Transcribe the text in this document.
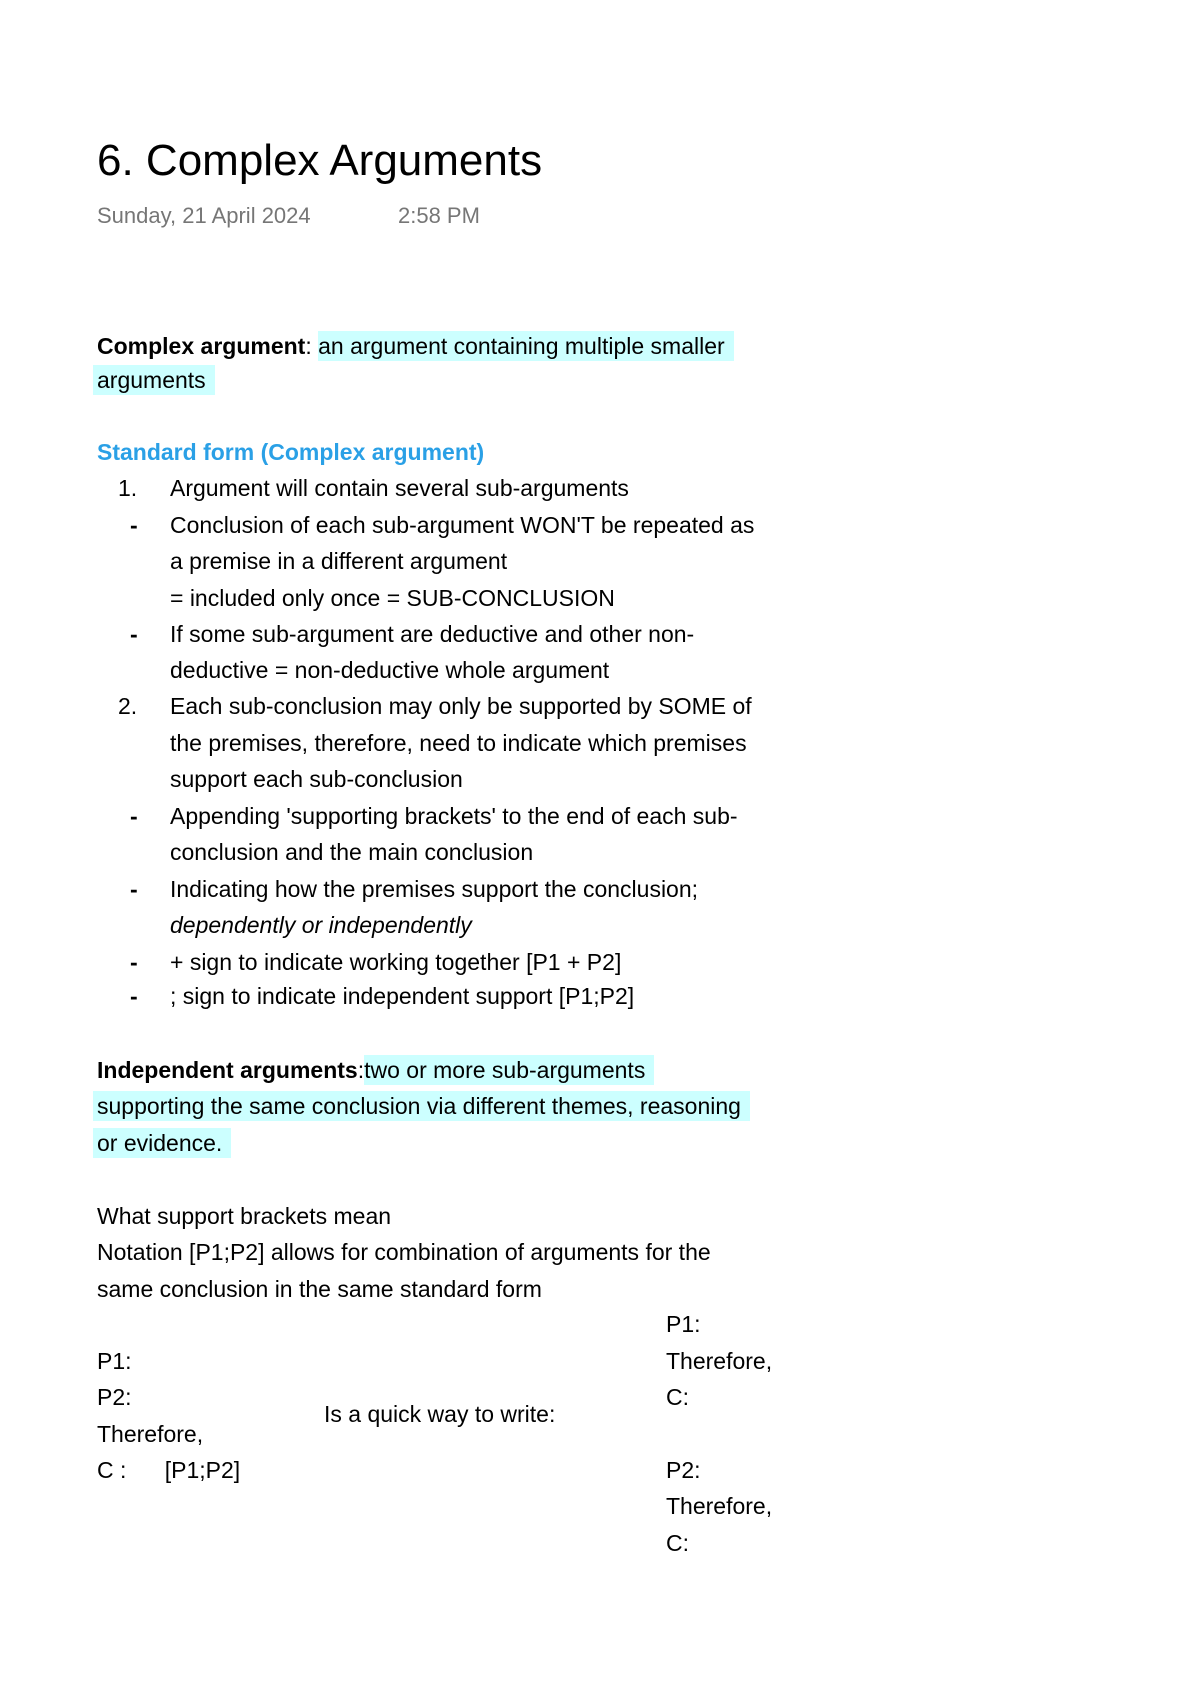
6. Complex Arguments
Sunday, 21 April 2024	2:58 PM
Complex argument: an argument containing multiple smaller
arguments
Standard form (Complex argument)
1. Argument will contain several sub-arguments
- Conclusion of each sub-argument WON'T be repeated as
a premise in a different argument
= included only once = SUB-CONCLUSION
- If some sub-argument are deductive and other non-
deductive = non-deductive whole argument
2. Each sub-conclusion may only be supported by SOME of
the premises, therefore, need to indicate which premises
support each sub-conclusion
- Appending 'supporting brackets' to the end of each sub-
conclusion and the main conclusion
- Indicating how the premises support the conclusion;
dependently or independently
- + sign to indicate working together [P1 + P2]
- ; sign to indicate independent support [P1;P2]
Independent arguments:two or more sub-arguments
supporting the same conclusion via different themes, reasoning
or evidence.
What support brackets mean
Notation [P1;P2] allows for combination of arguments for the
same conclusion in the same standard form
P1:
P2:
Therefore,
C :      [P1;P2]
Is a quick way to write:
P1:
Therefore,
C:
P2:
Therefore,
C:
